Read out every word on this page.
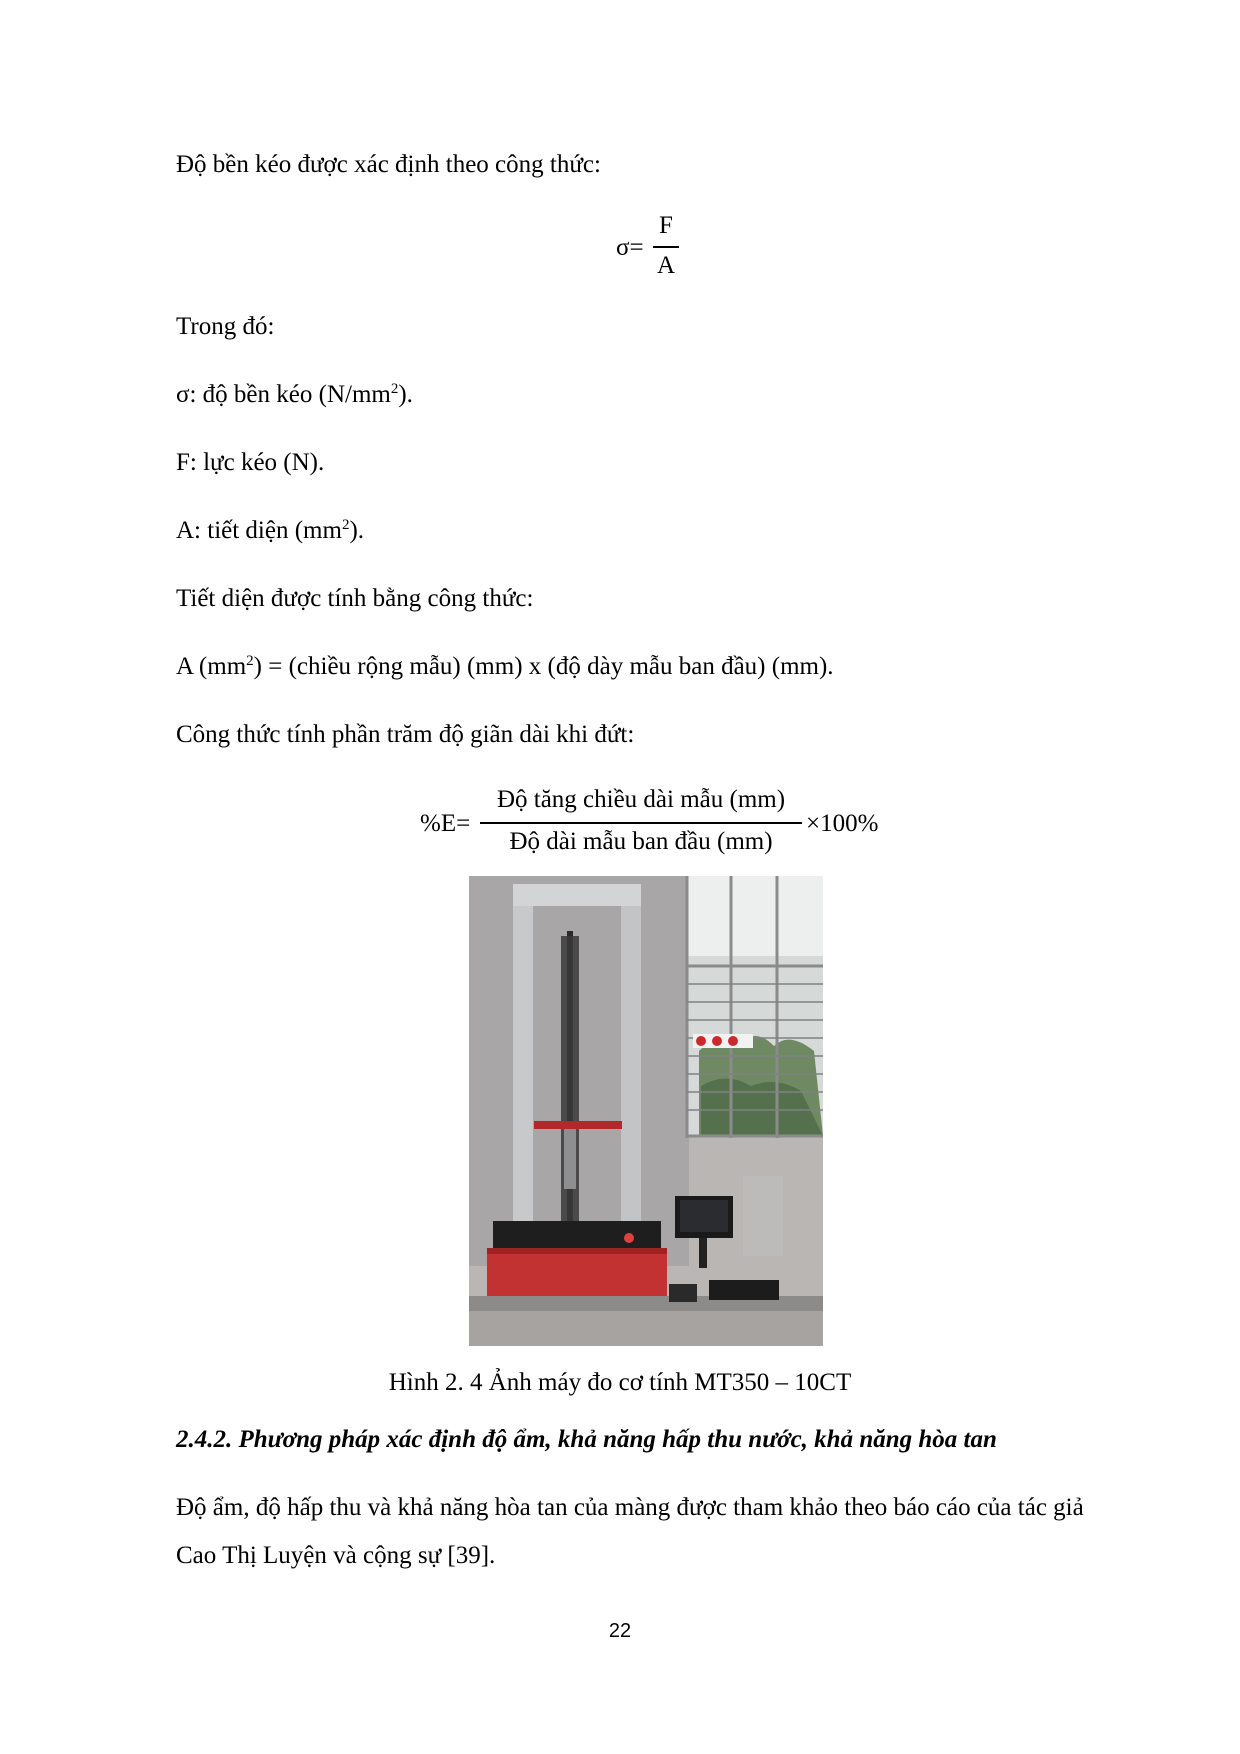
Độ bền kéo được xác định theo công thức:
σ=
F
A
Trong đó:
σ: độ bền kéo $(N/mm^2)$.
F: lực kéo (N).
A: tiết diện $(mm^2)$.
Tiết diện được tính bằng công thức:
A $(mm^2)$ = (chiều rộng mẫu) (mm) x (độ dày mẫu ban đầu) (mm).
Công thức tính phần trăm độ giãn dài khi đứt:
%E=
Độ tăng chiều dài mẫu (mm)
Độ dài mẫu ban đầu (mm)
×100%
Hình 2. 4 Ảnh máy đo cơ tính MT350 – 10CT
2.4.2. Phương pháp xác định độ ẩm, khả năng hấp thu nước, khả năng hòa tan
Độ ẩm, độ hấp thu và khả năng hòa tan của màng được tham khảo theo báo cáo của tác giả Cao Thị Luyện và cộng sự [39].
22
